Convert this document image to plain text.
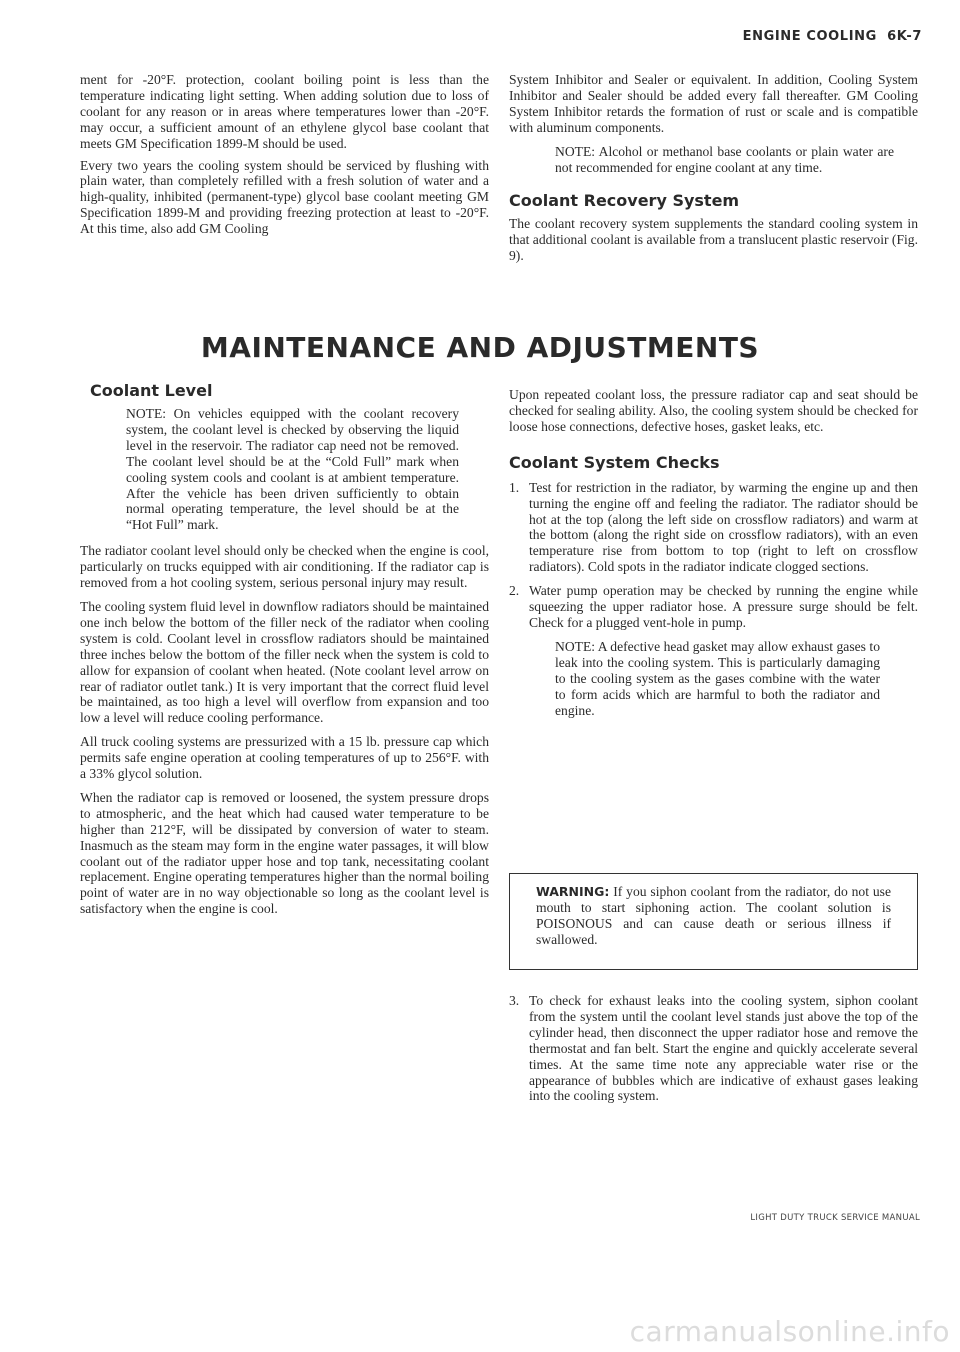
ENGINE COOLING 6K-7

ment for -20°F. protection, coolant boiling point is less than the temperature indicating light setting. When adding solution due to loss of coolant for any reason or in areas where temperatures lower than -20°F. may occur, a sufficient amount of an ethylene glycol base coolant that meets GM Specification 1899-M should be used.

Every two years the cooling system should be serviced by flushing with plain water, than completely refilled with a fresh solution of water and a high-quality, inhibited (permanent-type) glycol base coolant meeting GM Specification 1899-M and providing freezing protection at least to -20°F. At this time, also add GM Cooling

System Inhibitor and Sealer or equivalent. In addition, Cooling System Inhibitor and Sealer should be added every fall thereafter. GM Cooling System Inhibitor retards the formation of rust or scale and is compatible with aluminum components.

NOTE: Alcohol or methanol base coolants or plain water are not recommended for engine coolant at any time.

Coolant Recovery System

The coolant recovery system supplements the standard cooling system in that additional coolant is available from a translucent plastic reservoir (Fig. 9).

MAINTENANCE AND ADJUSTMENTS
Coolant Level

NOTE: On vehicles equipped with the coolant recovery system, the coolant level is checked by observing the liquid level in the reservoir. The radiator cap need not be removed. The coolant level should be at the “Cold Full” mark when cooling system cools and coolant is at ambient temperature. After the vehicle has been driven sufficiently to obtain normal operating temperature, the level should be at the “Hot Full” mark.

The radiator coolant level should only be checked when the engine is cool, particularly on trucks equipped with air conditioning. If the radiator cap is removed from a hot cooling system, serious personal injury may result.

The cooling system fluid level in downflow radiators should be maintained one inch below the bottom of the filler neck of the radiator when cooling system is cold. Coolant level in crossflow radiators should be maintained three inches below the bottom of the filler neck when the system is cold to allow for expansion of coolant when heated. (Note coolant level arrow on rear of radiator outlet tank.) It is very important that the correct fluid level be maintained, as too high a level will overflow from expansion and too low a level will reduce cooling performance.

All truck cooling systems are pressurized with a 15 lb. pressure cap which permits safe engine operation at cooling temperatures of up to 256°F. with a 33% glycol solution.

When the radiator cap is removed or loosened, the system pressure drops to atmospheric, and the heat which had caused water temperature to be higher than 212°F, will be dissipated by conversion of water to steam. Inasmuch as the steam may form in the engine water passages, it will blow coolant out of the radiator upper hose and top tank, necessitating coolant replacement. Engine operating temperatures higher than the normal boiling point of water are in no way objectionable so long as the coolant level is satisfactory when the engine is cool.

Upon repeated coolant loss, the pressure radiator cap and seat should be checked for sealing ability. Also, the cooling system should be checked for loose hose connections, defective hoses, gasket leaks, etc.

Coolant System Checks
1. Test for restriction in the radiator, by warming the engine up and then turning the engine off and feeling the radiator. The radiator should be hot at the top (along the left side on crossflow radiators) and warm at the bottom (along the right side on crossflow radiators), with an even temperature rise from bottom to top (right to left on crossflow radiators). Cold spots in the radiator indicate clogged sections.

2. Water pump operation may be checked by running the engine while squeezing the upper radiator hose. A pressure surge should be felt. Check for a plugged vent-hole in pump.

NOTE: A defective head gasket may allow exhaust gases to leak into the cooling system. This is particularly damaging to the cooling system as the gases combine with the water to form acids which are harmful to both the radiator and engine.

WARNING: If you siphon coolant from the radiator, do not use mouth to start siphoning action. The coolant solution is POISONOUS and can cause death or serious illness if swallowed.

3. To check for exhaust leaks into the cooling system, siphon coolant from the system until the coolant level stands just above the top of the cylinder head, then disconnect the upper radiator hose and remove the thermostat and fan belt. Start the engine and quickly accelerate several times. At the same time note any appreciable water rise or the appearance of bubbles which are indicative of exhaust gases leaking into the cooling system.

LIGHT DUTY TRUCK SERVICE MANUAL
carmanualsonline.info
